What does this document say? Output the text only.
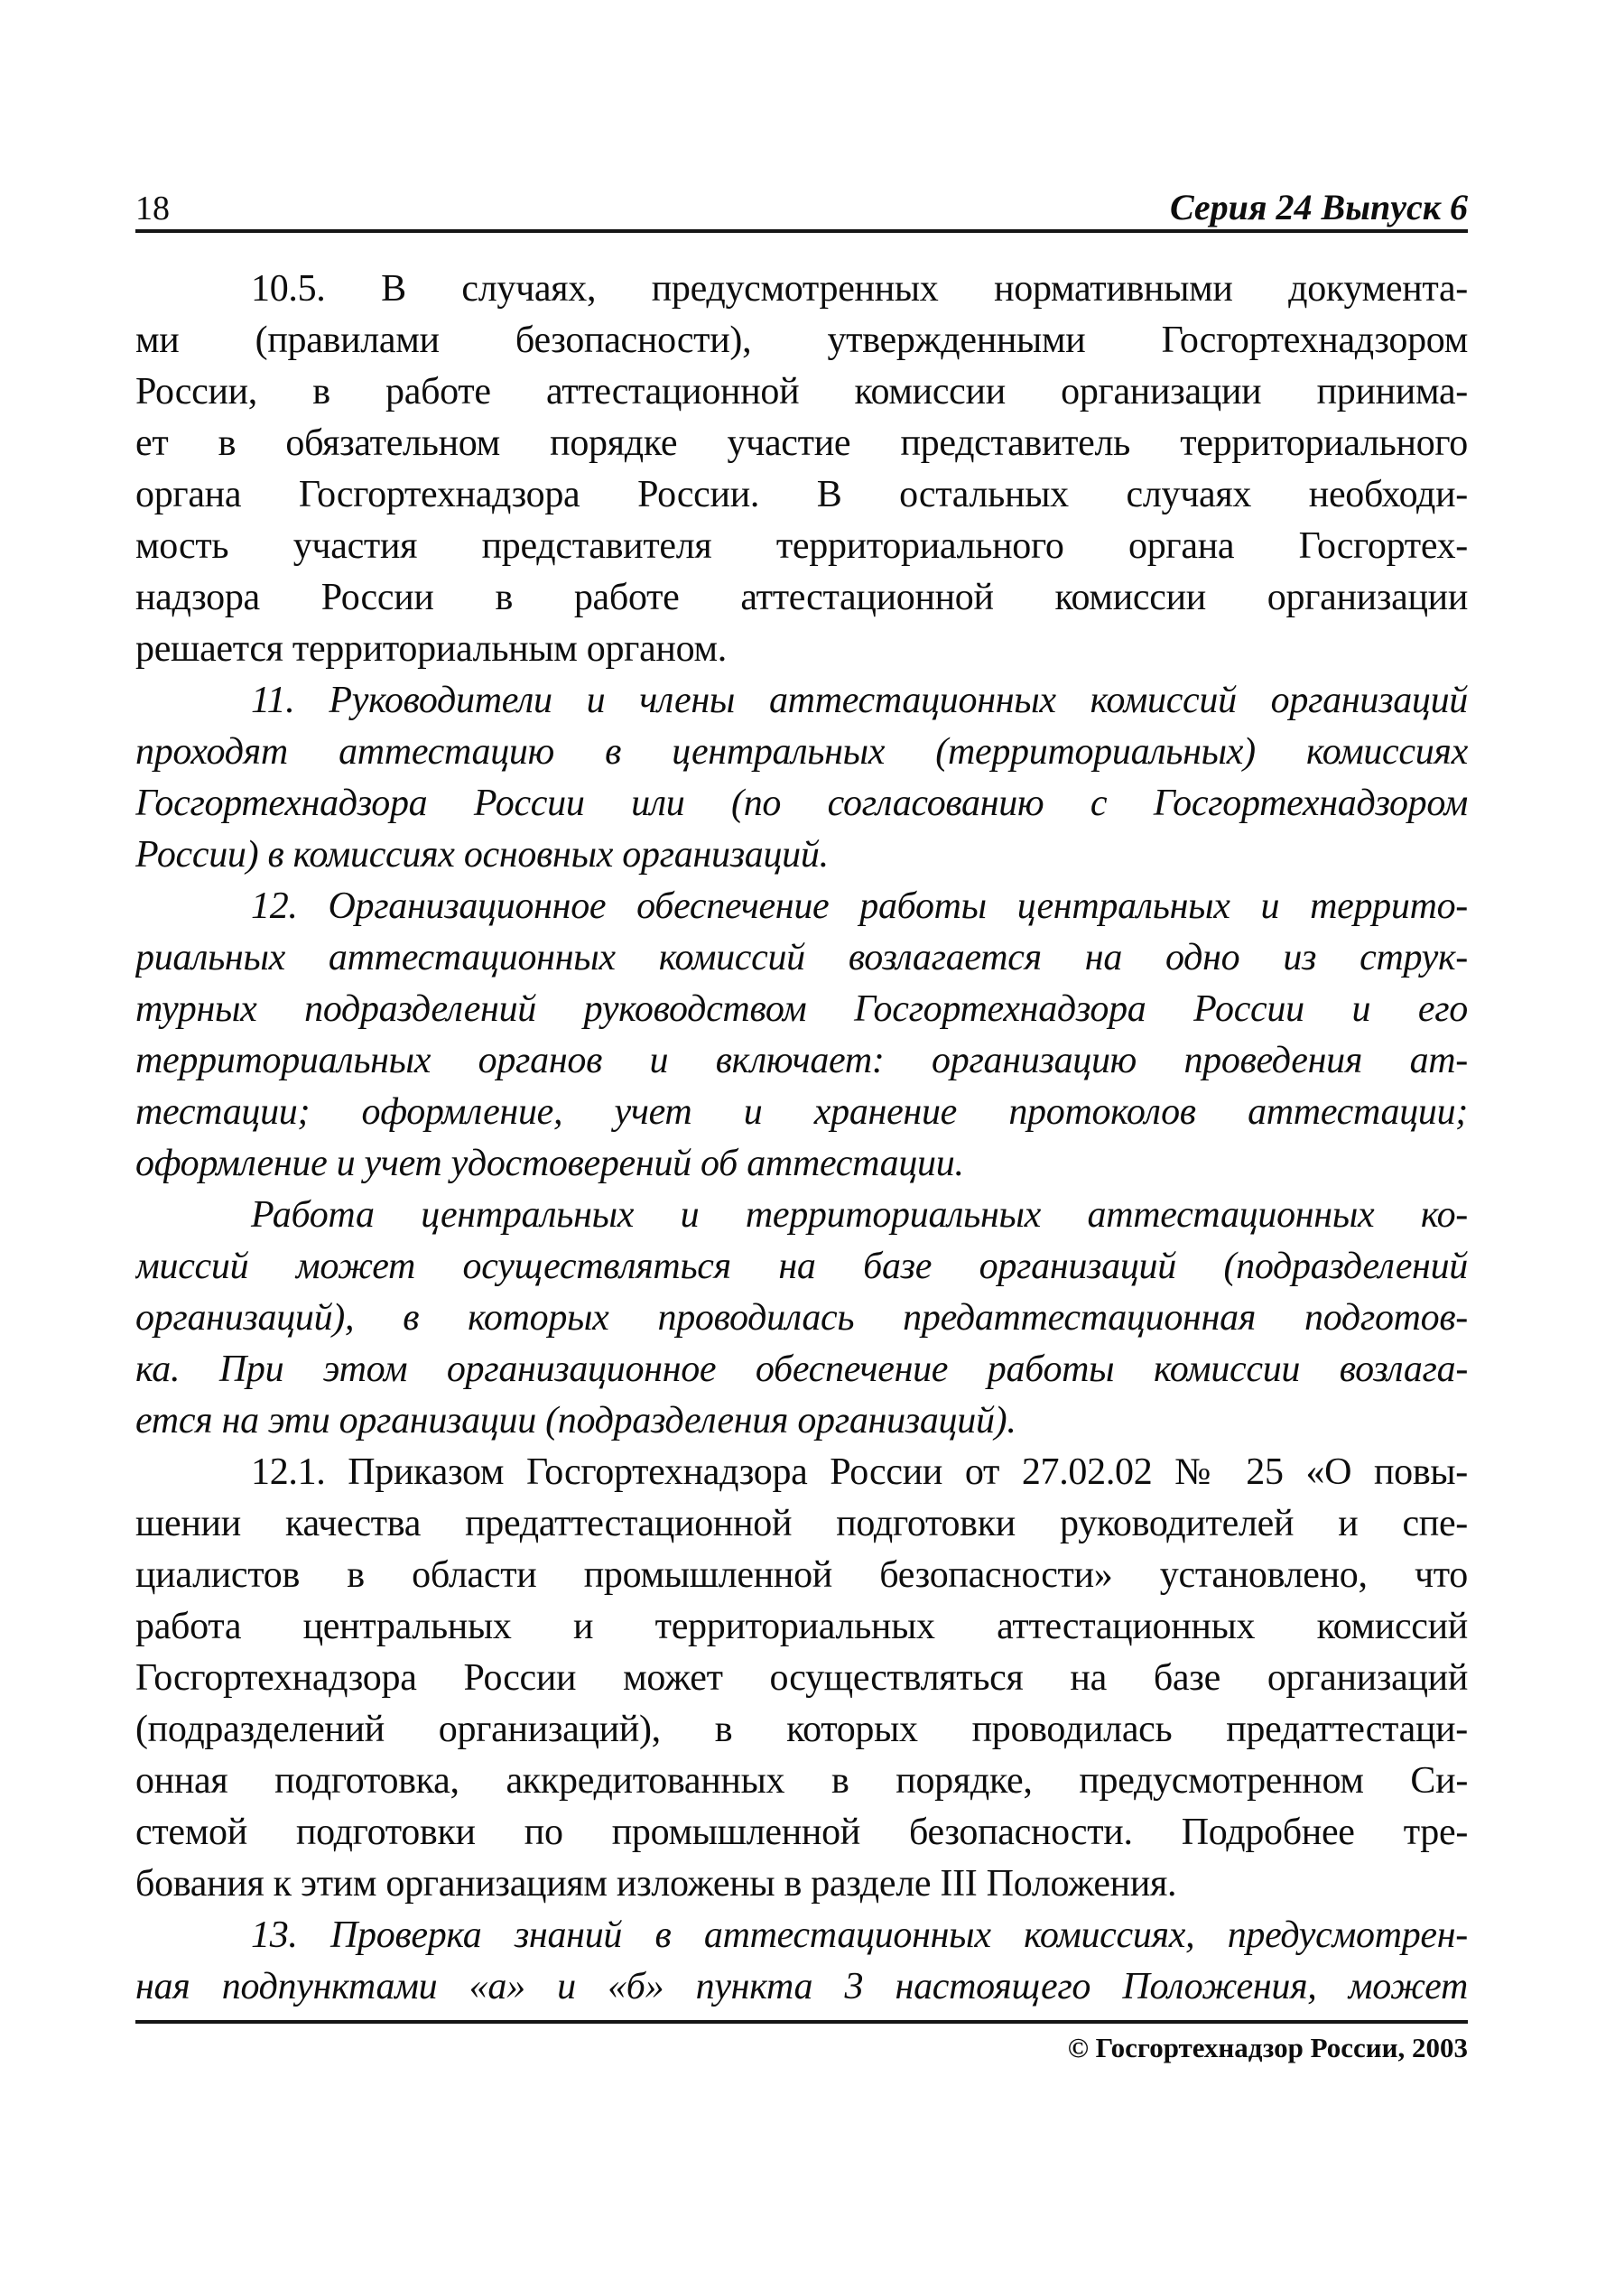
18	Серия 24 Выпуск 6
10.5. В случаях, предусмотренных нормативными документа-
ми (правилами безопасности), утвержденными Госгортехнадзором
России, в работе аттестационной комиссии организации принима-
ет в обязательном порядке участие представитель территориального
органа Госгортехнадзора России. В остальных случаях необходи-
мость участия представителя территориального органа Госгортех-
надзора России в работе аттестационной комиссии организации
решается территориальным органом.
11. Руководители и члены аттестационных комиссий организаций
проходят аттестацию в центральных (территориальных) комиссиях
Госгортехнадзора России или (по согласованию с Госгортехнадзором
России) в комиссиях основных организаций.
12. Организационное обеспечение работы центральных и террито-
риальных аттестационных комиссий возлагается на одно из струк-
турных подразделений руководством Госгортехнадзора России и его
территориальных органов и включает: организацию проведения ат-
тестации; оформление, учет и хранение протоколов аттестации;
оформление и учет удостоверений об аттестации.
Работа центральных и территориальных аттестационных ко-
миссий может осуществляться на базе организаций (подразделений
организаций), в которых проводилась предаттестационная подготов-
ка. При этом организационное обеспечение работы комиссии возлага-
ется на эти организации (подразделения организаций).
12.1. Приказом Госгортехнадзора России от 27.02.02 № 25 «О повы-
шении качества предаттестационной подготовки руководителей и спе-
циалистов в области промышленной безопасности» установлено, что
работа центральных и территориальных аттестационных комиссий
Госгортехнадзора России может осуществляться на базе организаций
(подразделений организаций), в которых проводилась предаттестаци-
онная подготовка, аккредитованных в порядке, предусмотренном Си-
стемой подготовки по промышленной безопасности. Подробнее тре-
бования к этим организациям изложены в разделе III Положения.
13. Проверка знаний в аттестационных комиссиях, предусмотрен-
ная подпунктами «а» и «б» пункта 3 настоящего Положения, может
© Госгортехнадзор России, 2003
